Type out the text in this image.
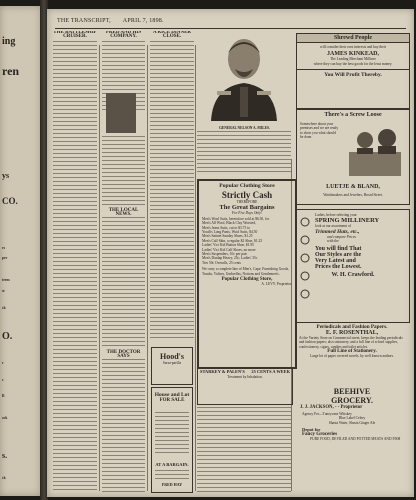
ing
ren
ys
CO.
O.
s.
rs
per
terns
st
ck
r
s
R
ock
ck
THE TRANSCRIPT, APRIL 7, 1898.
THE BATTLESHIP CRUISER.
FRED AND HIS COMPANY.
THE LOCAL NEWS.
THE DOCTOR SAYS
A RICE DINNER CLOSE.
Hood's
Sarsa-parilla
House and Lot
FOR SALE
AT A BARGAIN.
FRED HAY
GENERAL NELSON A. MILES.
Shrewd People
will consider their own interests and buy their
JAMES KINKEAD,
The Leading Merchant Milliner
where they can buy the best goods for the least money.
You Will Profit Thereby.
There's a Screw Loose
Somewhere about your premises and we are ready to show you what should be done.
LUETJE & BLAND,
Watchmakers and Jewelers, Broad Street.
Popular Clothing Store
Strictly Cash
THEREFORE
The Great Bargains
For Five Days Only!
Men's Wool Suits, heretofore sold at $6.50, for
Men's All Wool, Black Clay Worsted,
Men's Jeans Suits, cut to $3.75 to
Youth's Long Pants, Wool Suits, $4.50
Men's Satinet Sunday Shoes, $1.25
Men's Calf Skin, a regular $2 Shoe, $1.25
Ladies' Vici Kid Button Shoe, $1.95
Ladies' Vici Kid Calf Shoes, no more
Men's Suspenders, 10c per pair
Men's Dunlap Heavy, 25c; Ladies' 35c
Ties 50c Overalls, 25 cents
We carry a complete line of Men's, Cape, Furnishing Goods, Trunks, Valises, Umbrellas, Notions and Gentlemen's.
Popular Clothing Store,
A. LEVY, Proprietor.
STARKEY & PALEN'S 25 CENTS A WEEK
Treatment by Inhalation.
Ladies, before selecting your
SPRING MILLINERY
look at our assortment of
Trimmed Hats, etc.,
and compare Prices
with the
You will find That
Our Styles are the
Very Latest and
Prices the Lowest.
W. H. Crawford.
Periodicals and Fashion Papers.
E. F. ROSENTHAL,
At the Variety Store on Commercial street, keeps the leading periodicals and fashion papers; also stationery, and a full line of school supplies, confectionery, cigars, candies and toilet articles.
Full Line of Stationery.
Large lot of paper covered novels, by well known authors.
BEEHIVE
GROCERY.
J. J. JACKSON, - - Proprietor
Agency For—Tuneyvans Whiskey
Blue Label Celery
Shasta Water, Shasta Ginger Ale
Depot for
Fancy Groceries
PURE FOOD, DEVILED AND POTTED MEATS AND FISH
